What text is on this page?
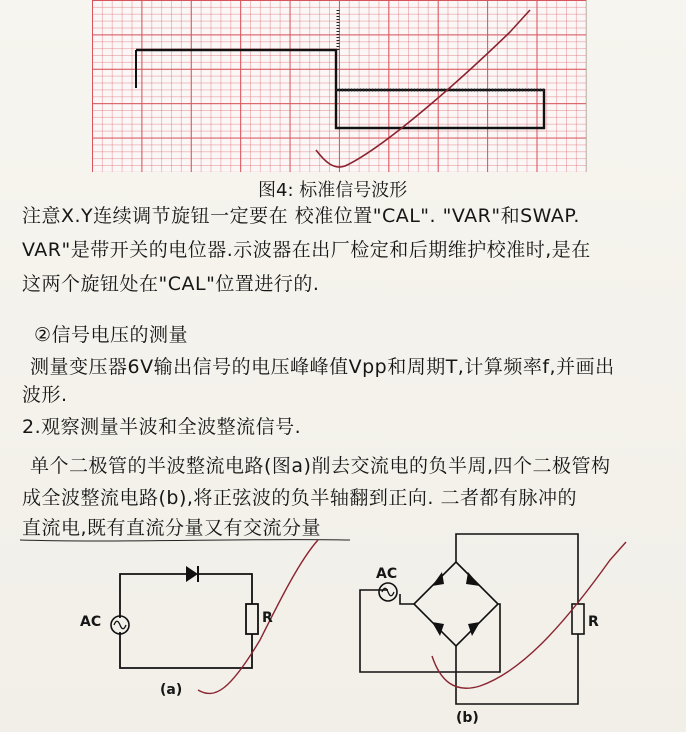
图4: 标准信号波形
注意X.Y连续调节旋钮一定要在 校准位置"CAL". "VAR"和SWAP.
VAR"是带开关的电位器.示波器在出厂检定和后期维护校准时,是在
这两个旋钮处在"CAL"位置进行的.
②信号电压的测量
测量变压器6V输出信号的电压峰峰值Vpp和周期T,计算频率f,并画出
波形.
2.观察测量半波和全波整流信号.
单个二极管的半波整流电路(图a)削去交流电的负半周,四个二极管构
成全波整流电路(b),将正弦波的负半轴翻到正向. 二者都有脉冲的
直流电,既有直流分量又有交流分量
AC	R
(a)
AC
R
(b)
